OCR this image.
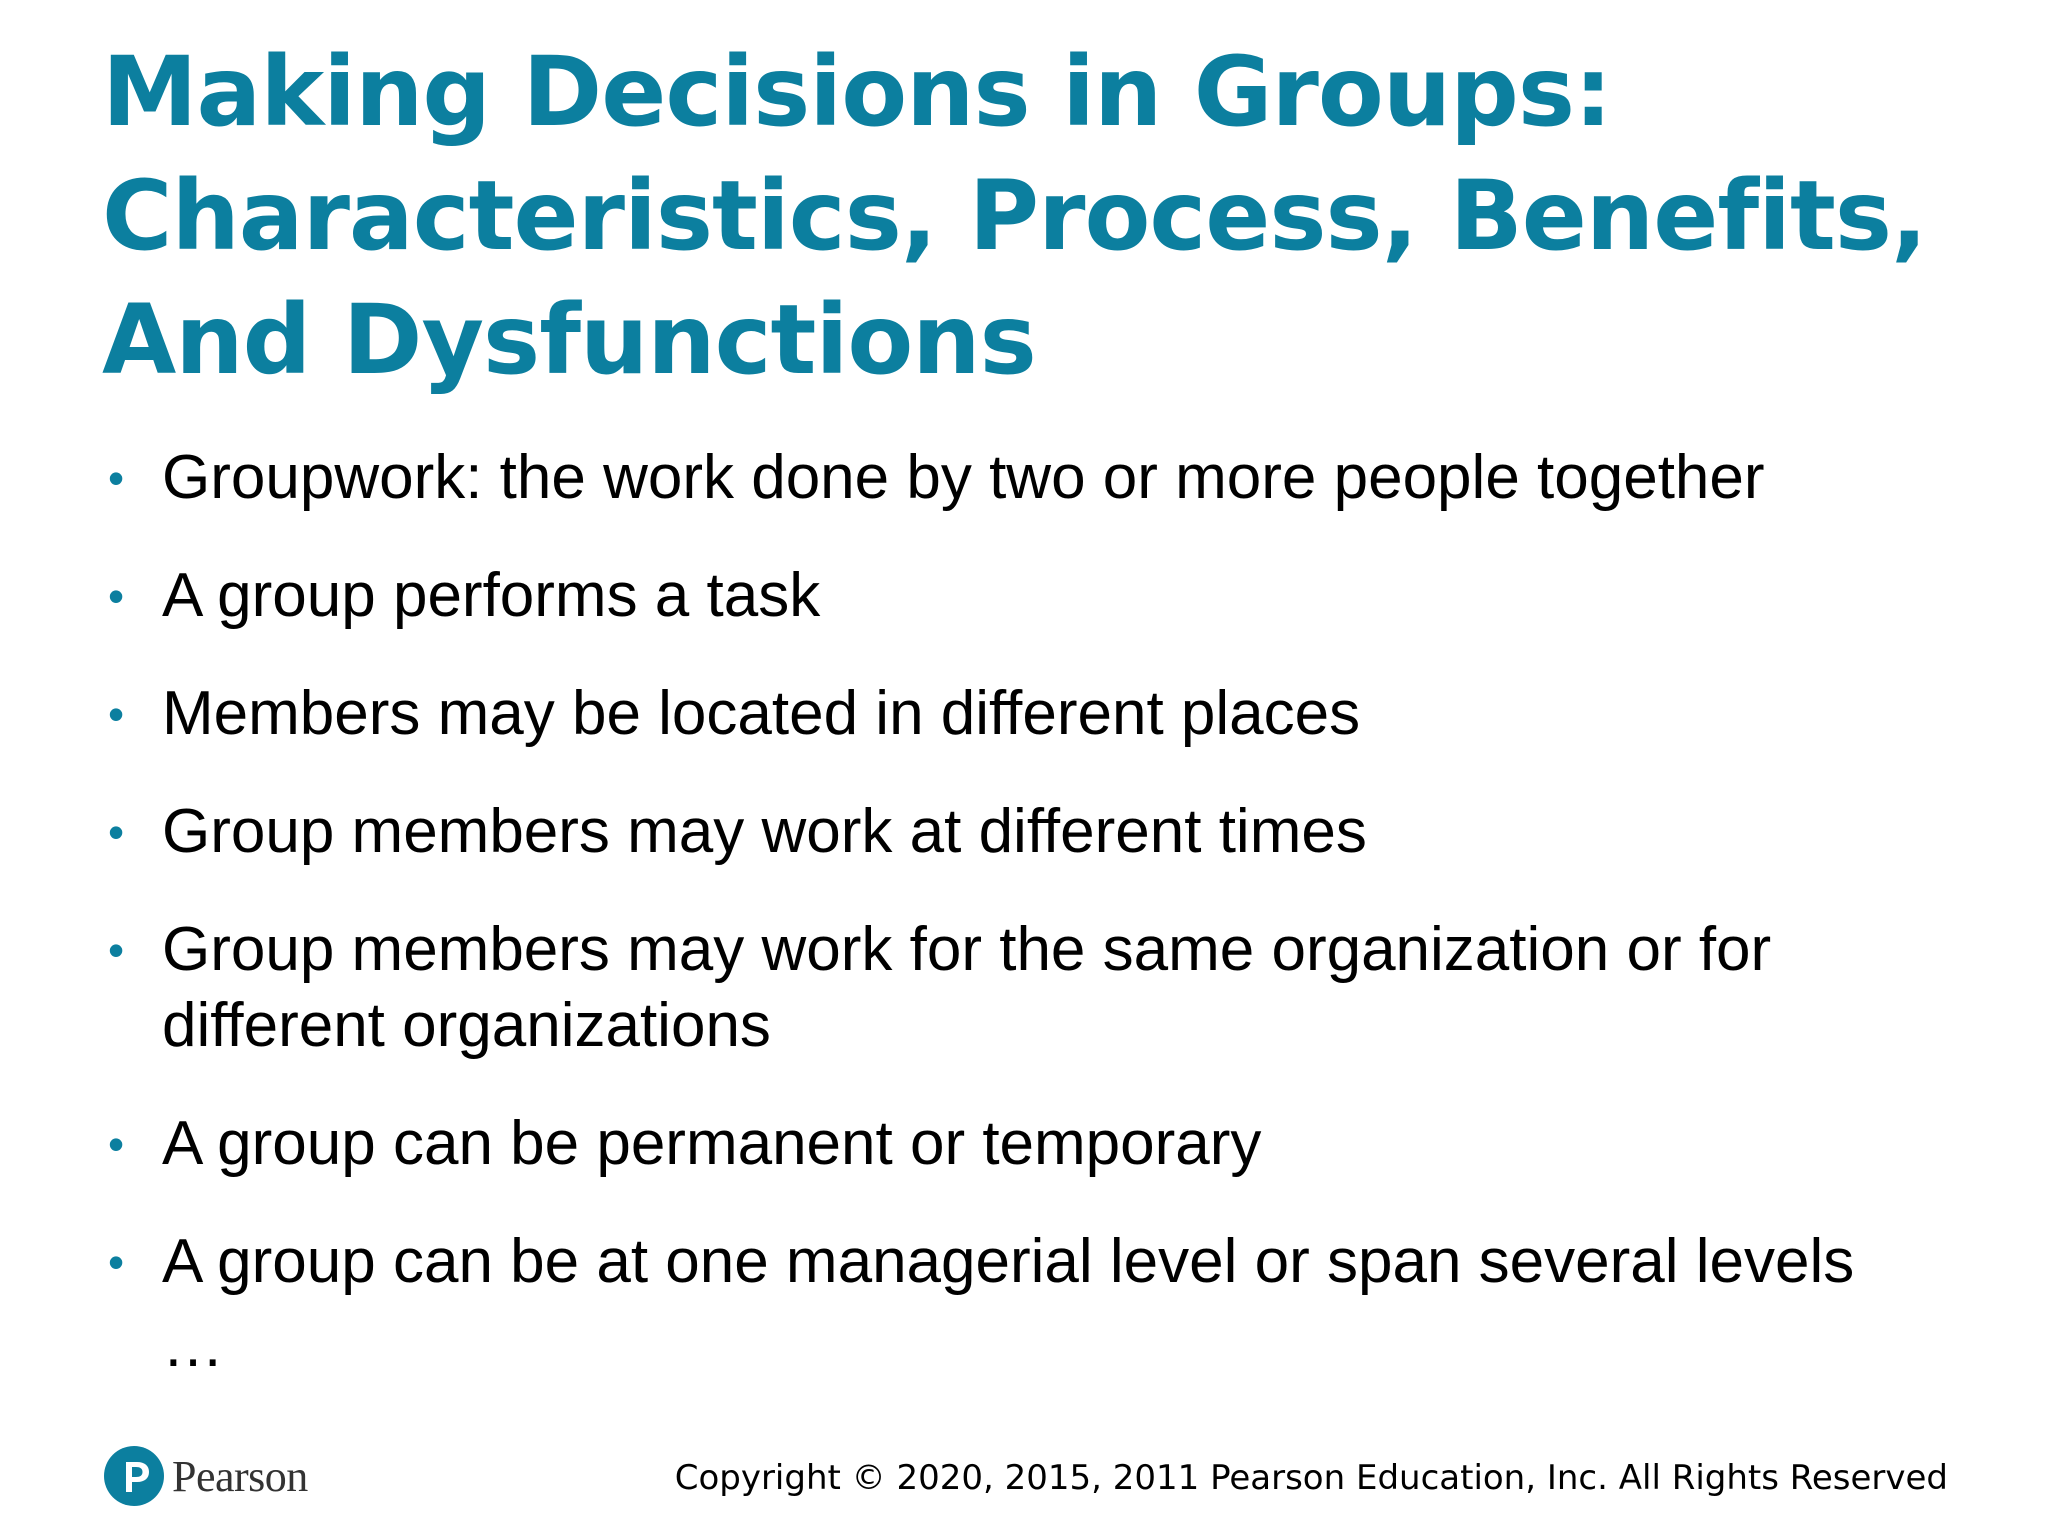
Making Decisions in Groups:
Characteristics, Process, Benefits,
And Dysfunctions
• Groupwork: the work done by two or more people together
• A group performs a task
• Members may be located in different places
• Group members may work at different times
• Group members may work for the same organization or for different organizations
• A group can be permanent or temporary
• A group can be at one managerial level or span several levels
…
Pearson	Copyright © 2020, 2015, 2011 Pearson Education, Inc. All Rights Reserved
